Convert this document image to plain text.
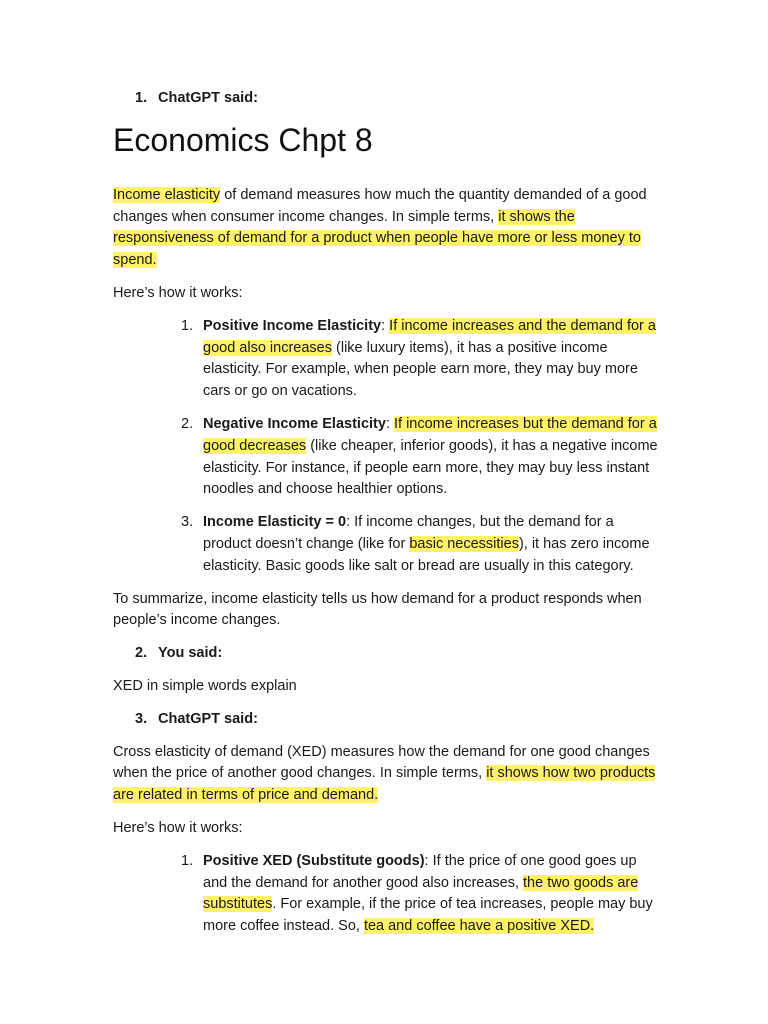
1. ChatGPT said:
Economics Chpt 8

Income elasticity of demand measures how much the quantity demanded of a good changes when consumer income changes. In simple terms, it shows the responsiveness of demand for a product when people have more or less money to spend.

Here’s how it works:

1. Positive Income Elasticity: If income increases and the demand for a good also increases (like luxury items), it has a positive income elasticity. For example, when people earn more, they may buy more cars or go on vacations.
2. Negative Income Elasticity: If income increases but the demand for a good decreases (like cheaper, inferior goods), it has a negative income elasticity. For instance, if people earn more, they may buy less instant noodles and choose healthier options.
3. Income Elasticity = 0: If income changes, but the demand for a product doesn’t change (like for basic necessities), it has zero income elasticity. Basic goods like salt or bread are usually in this category.

To summarize, income elasticity tells us how demand for a product responds when people’s income changes.

2. You said:

XED in simple words explain

3. ChatGPT said:

Cross elasticity of demand (XED) measures how the demand for one good changes when the price of another good changes. In simple terms, it shows how two products are related in terms of price and demand.

Here’s how it works:

1. Positive XED (Substitute goods): If the price of one good goes up and the demand for another good also increases, the two goods are substitutes. For example, if the price of tea increases, people may buy more coffee instead. So, tea and coffee have a positive XED.
